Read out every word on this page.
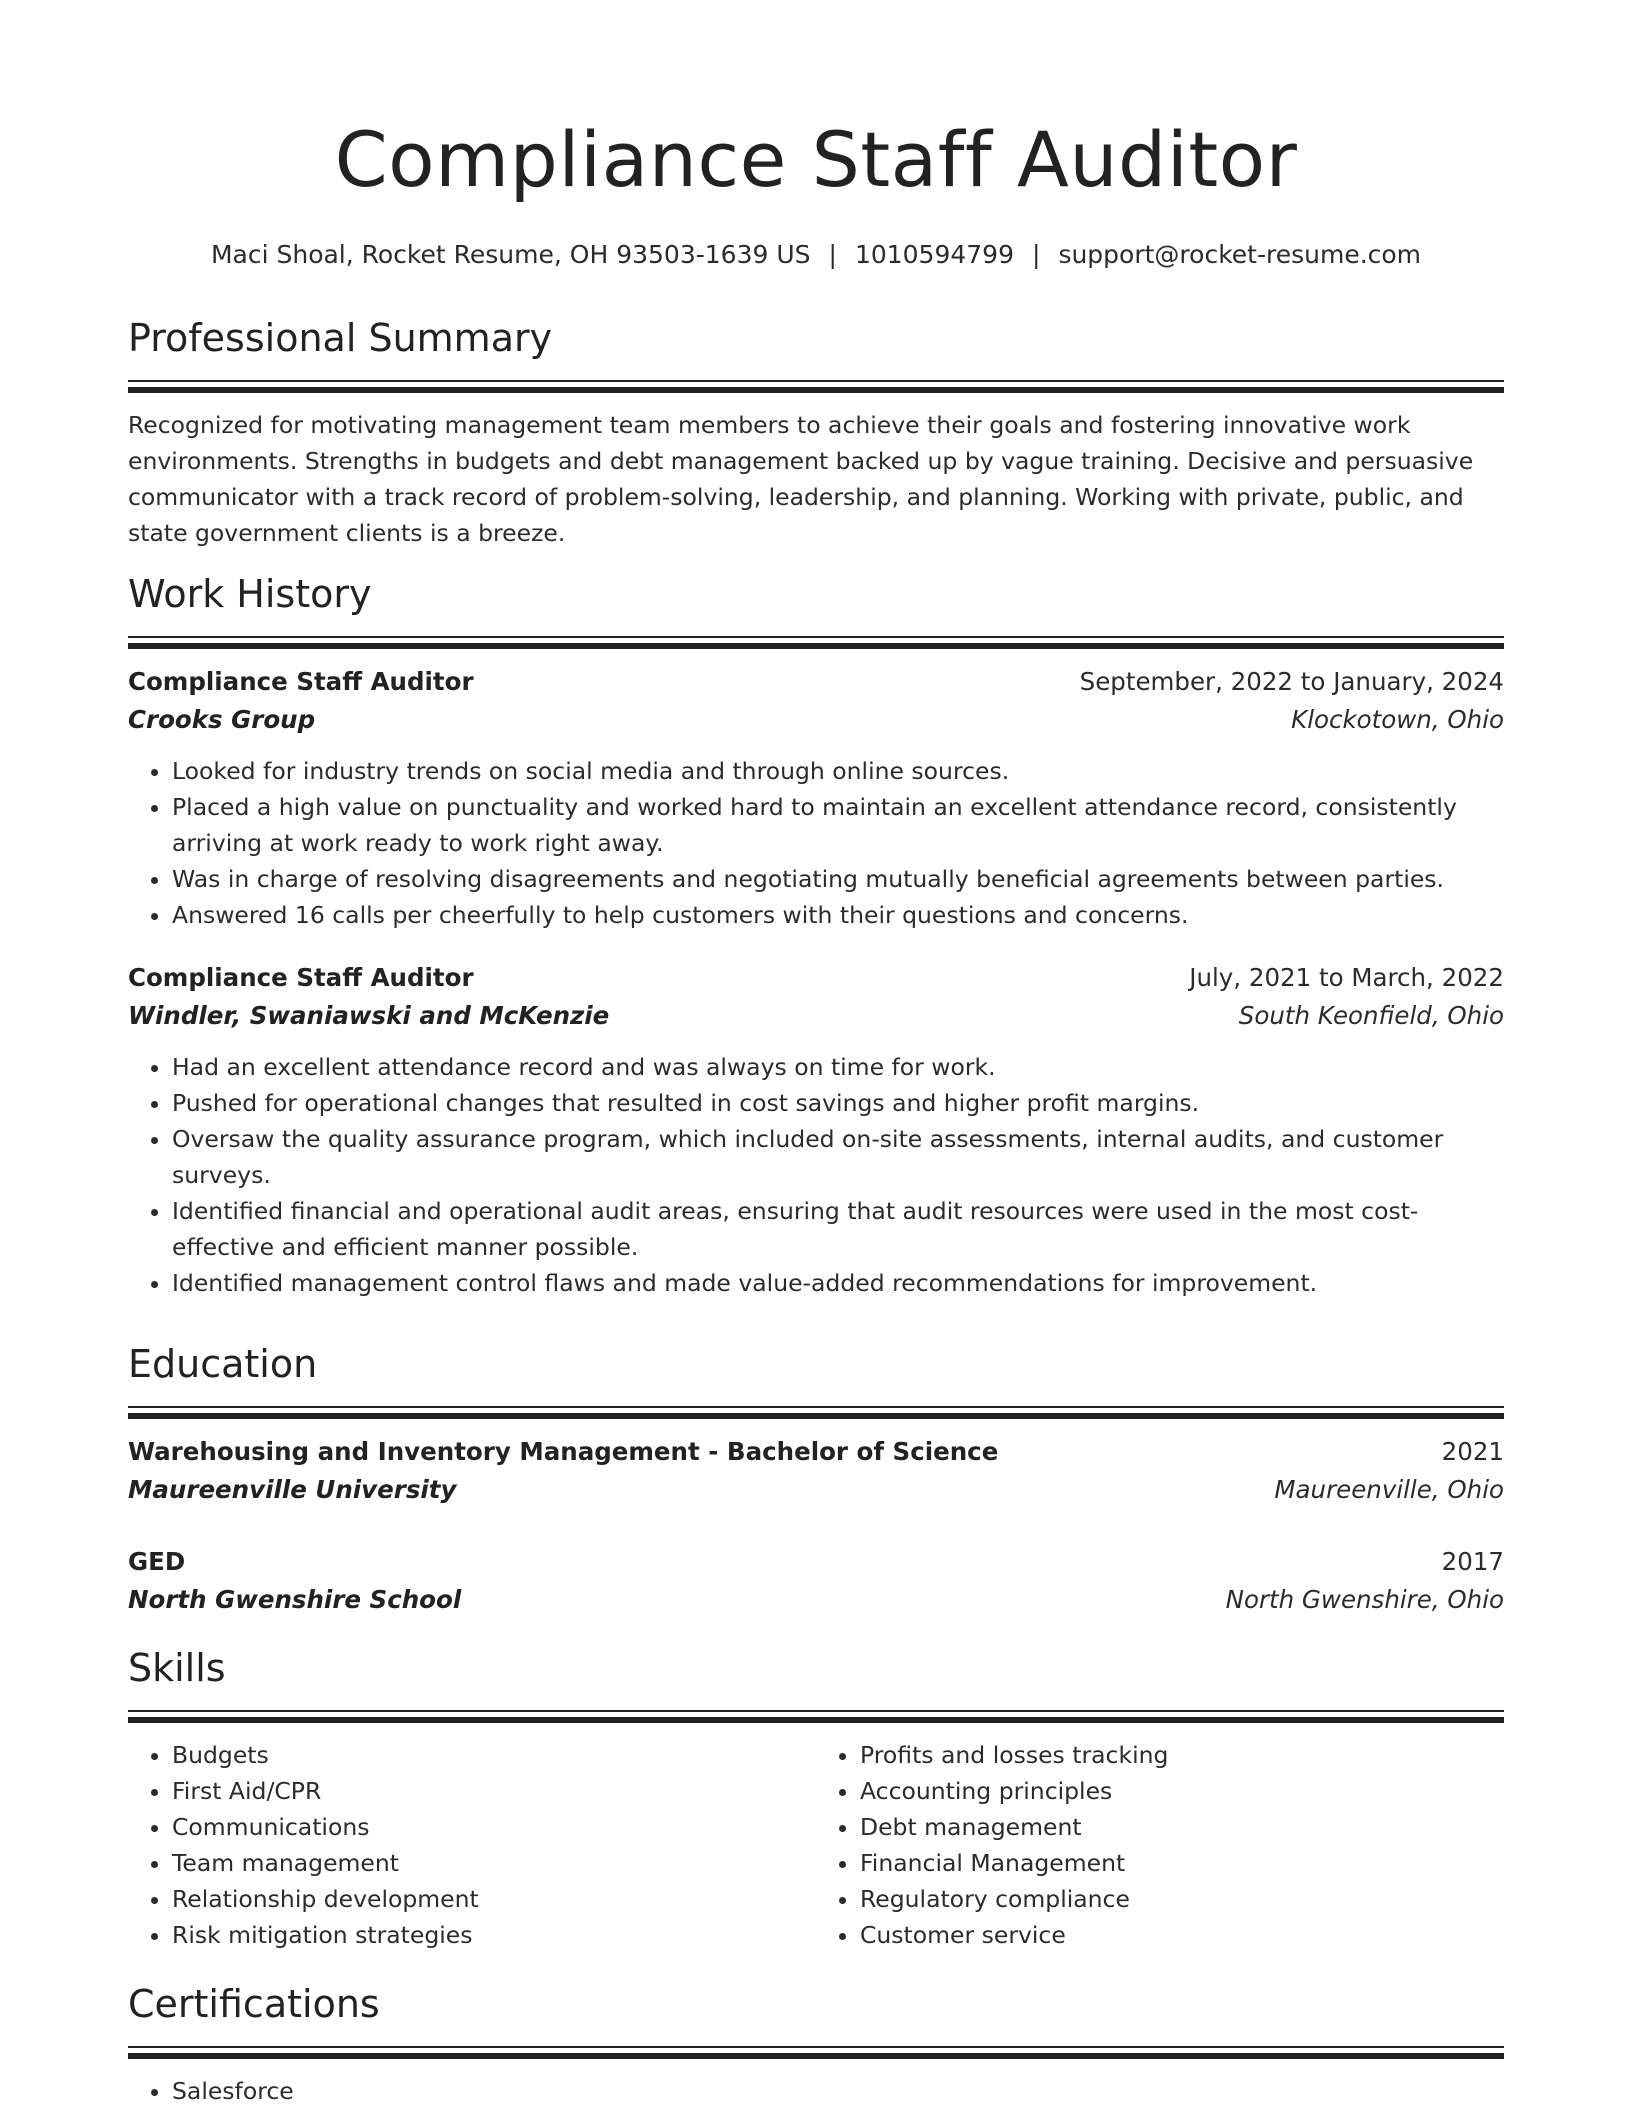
Compliance Staff Auditor
Maci Shoal, Rocket Resume, OH 93503-1639 US | 1010594799 | support@rocket-resume.com
Professional Summary
Recognized for motivating management team members to achieve their goals and fostering innovative work environments. Strengths in budgets and debt management backed up by vague training. Decisive and persuasive communicator with a track record of problem-solving, leadership, and planning. Working with private, public, and state government clients is a breeze.
Work History
Compliance Staff Auditor	September, 2022 to January, 2024
Crooks Group	Klockotown, Ohio
• Looked for industry trends on social media and through online sources.
• Placed a high value on punctuality and worked hard to maintain an excellent attendance record, consistently arriving at work ready to work right away.
• Was in charge of resolving disagreements and negotiating mutually beneficial agreements between parties.
• Answered 16 calls per cheerfully to help customers with their questions and concerns.
Compliance Staff Auditor	July, 2021 to March, 2022
Windler, Swaniawski and McKenzie	South Keonfield, Ohio
• Had an excellent attendance record and was always on time for work.
• Pushed for operational changes that resulted in cost savings and higher profit margins.
• Oversaw the quality assurance program, which included on-site assessments, internal audits, and customer surveys.
• Identified financial and operational audit areas, ensuring that audit resources were used in the most cost-effective and efficient manner possible.
• Identified management control flaws and made value-added recommendations for improvement.
Education
Warehousing and Inventory Management - Bachelor of Science	2021
Maureenville University	Maureenville, Ohio
GED	2017
North Gwenshire School	North Gwenshire, Ohio
Skills
• Budgets
• First Aid/CPR
• Communications
• Team management
• Relationship development
• Risk mitigation strategies
• Profits and losses tracking
• Accounting principles
• Debt management
• Financial Management
• Regulatory compliance
• Customer service
Certifications
• Salesforce
